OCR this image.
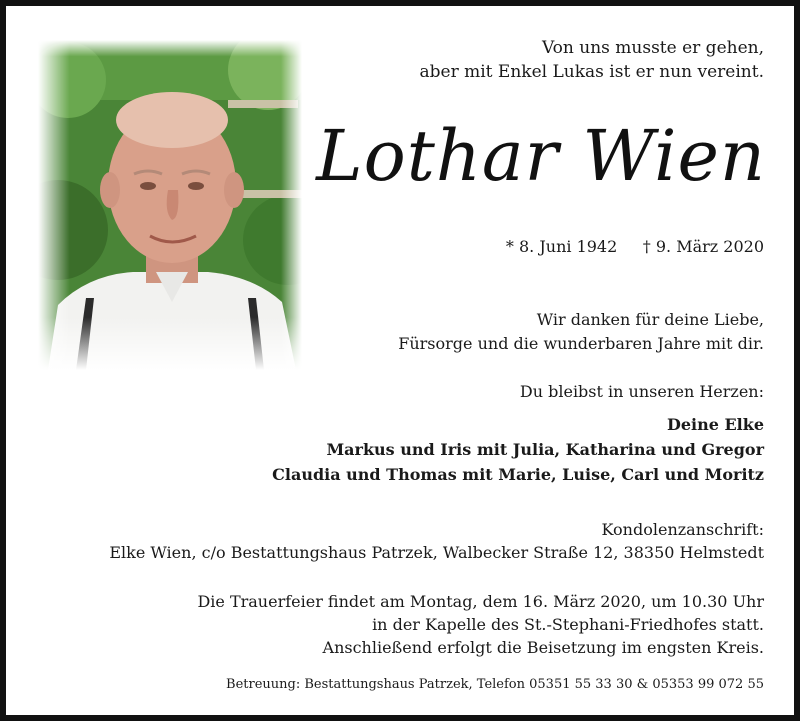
Von uns musste er gehen,
aber mit Enkel Lukas ist er nun vereint.
Lothar Wien
* 8. Juni 1942 † 9. März 2020
Wir danken für deine Liebe,
Fürsorge und die wunderbaren Jahre mit dir.
Du bleibst in unseren Herzen:
Deine Elke
Markus und Iris mit Julia, Katharina und Gregor
Claudia und Thomas mit Marie, Luise, Carl und Moritz
Kondolenzanschrift:
Elke Wien, c/o Bestattungshaus Patrzek, Walbecker Straße 12, 38350 Helmstedt
Die Trauerfeier findet am Montag, dem 16. März 2020, um 10.30 Uhr
in der Kapelle des St.-Stephani-Friedhofes statt.
Anschließend erfolgt die Beisetzung im engsten Kreis.
Betreuung: Bestattungshaus Patrzek, Telefon 05351 55 33 30 & 05353 99 072 55
